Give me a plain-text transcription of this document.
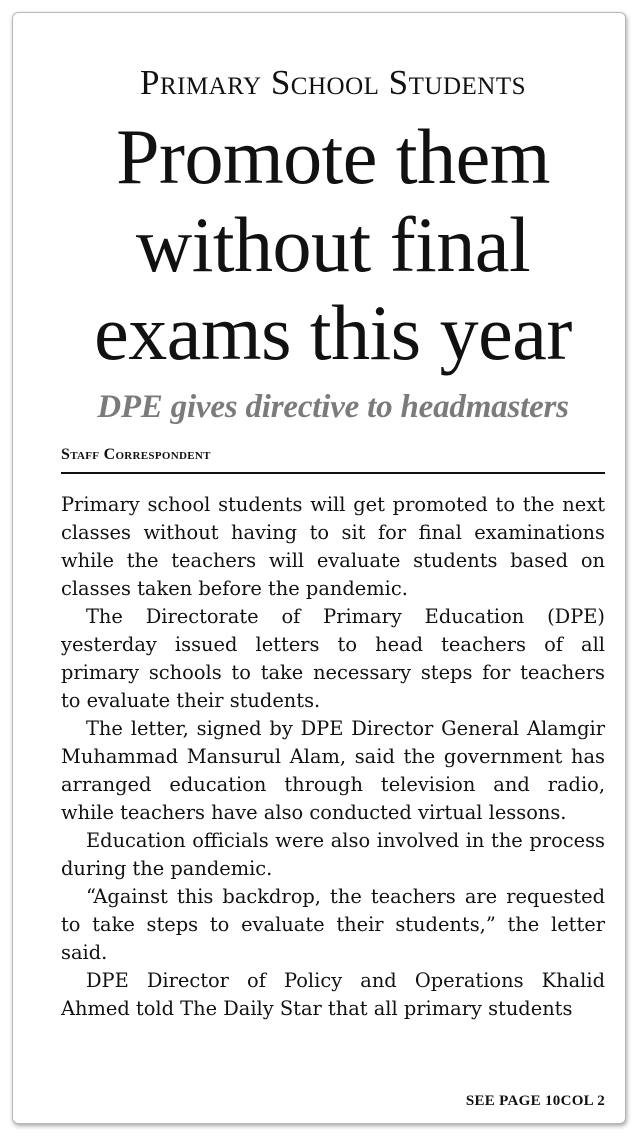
Primary School Students
Promote them
without final
exams this year
DPE gives directive to headmasters
Staff Correspondent

Primary school students will get promoted to the next classes without having to sit for final examinations while the teachers will evaluate students based on classes taken before the pandemic.

The Directorate of Primary Education (DPE) yesterday issued letters to head teachers of all primary schools to take necessary steps for teachers to evaluate their students.

The letter, signed by DPE Director General Alamgir Muhammad Mansurul Alam, said the government has arranged education through television and radio, while teachers have also conducted virtual lessons.

Education officials were also involved in the process during the pandemic.

“Against this backdrop, the teachers are requested to take steps to evaluate their students,” the letter said.

DPE Director of Policy and Operations Khalid Ahmed told The Daily Star that all primary students

SEE PAGE 10COL 2
